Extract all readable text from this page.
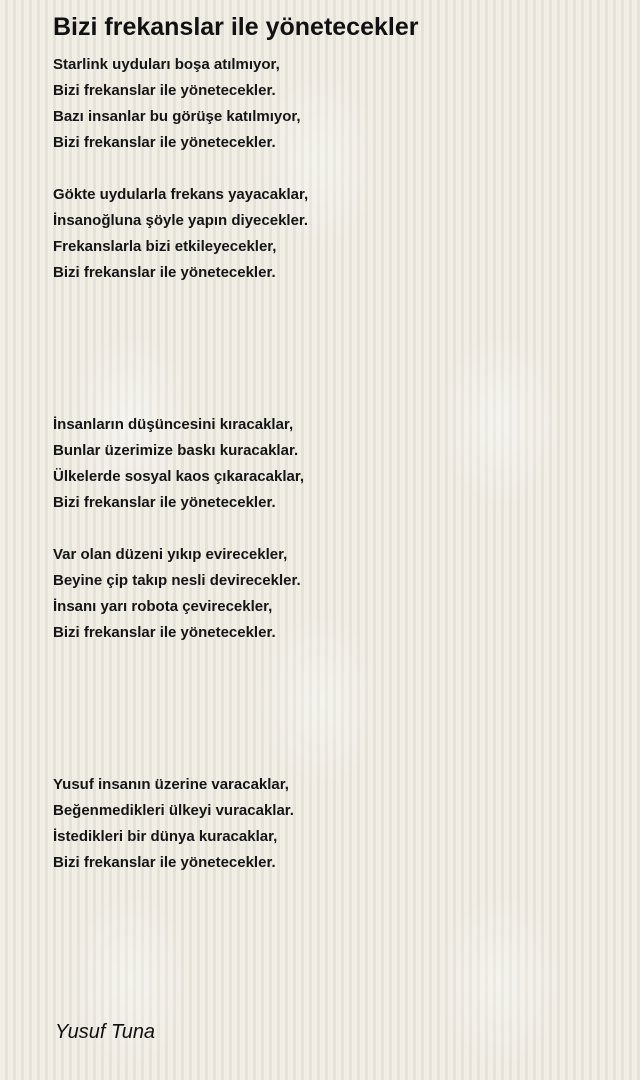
Bizi frekanslar ile yönetecekler
Starlink uyduları boşa atılmıyor,
Bizi frekanslar ile yönetecekler.
Bazı insanlar bu görüşe katılmıyor,
Bizi frekanslar ile yönetecekler.
Gökte uydularla frekans yayacaklar,
İnsanoğluna şöyle yapın diyecekler.
Frekanslarla bizi etkileyecekler,
Bizi frekanslar ile yönetecekler.
İnsanların düşüncesini kıracaklar,
Bunlar üzerimize baskı kuracaklar.
Ülkelerde sosyal kaos çıkaracaklar,
Bizi frekanslar ile yönetecekler.
Var olan düzeni yıkıp evirecekler,
Beyine çip takıp nesli devirecekler.
İnsanı yarı robota çevirecekler,
Bizi frekanslar ile yönetecekler.
Yusuf insanın üzerine varacaklar,
Beğenmedikleri ülkeyi vuracaklar.
İstedikleri bir dünya kuracaklar,
Bizi frekanslar ile yönetecekler.
Yusuf Tuna
